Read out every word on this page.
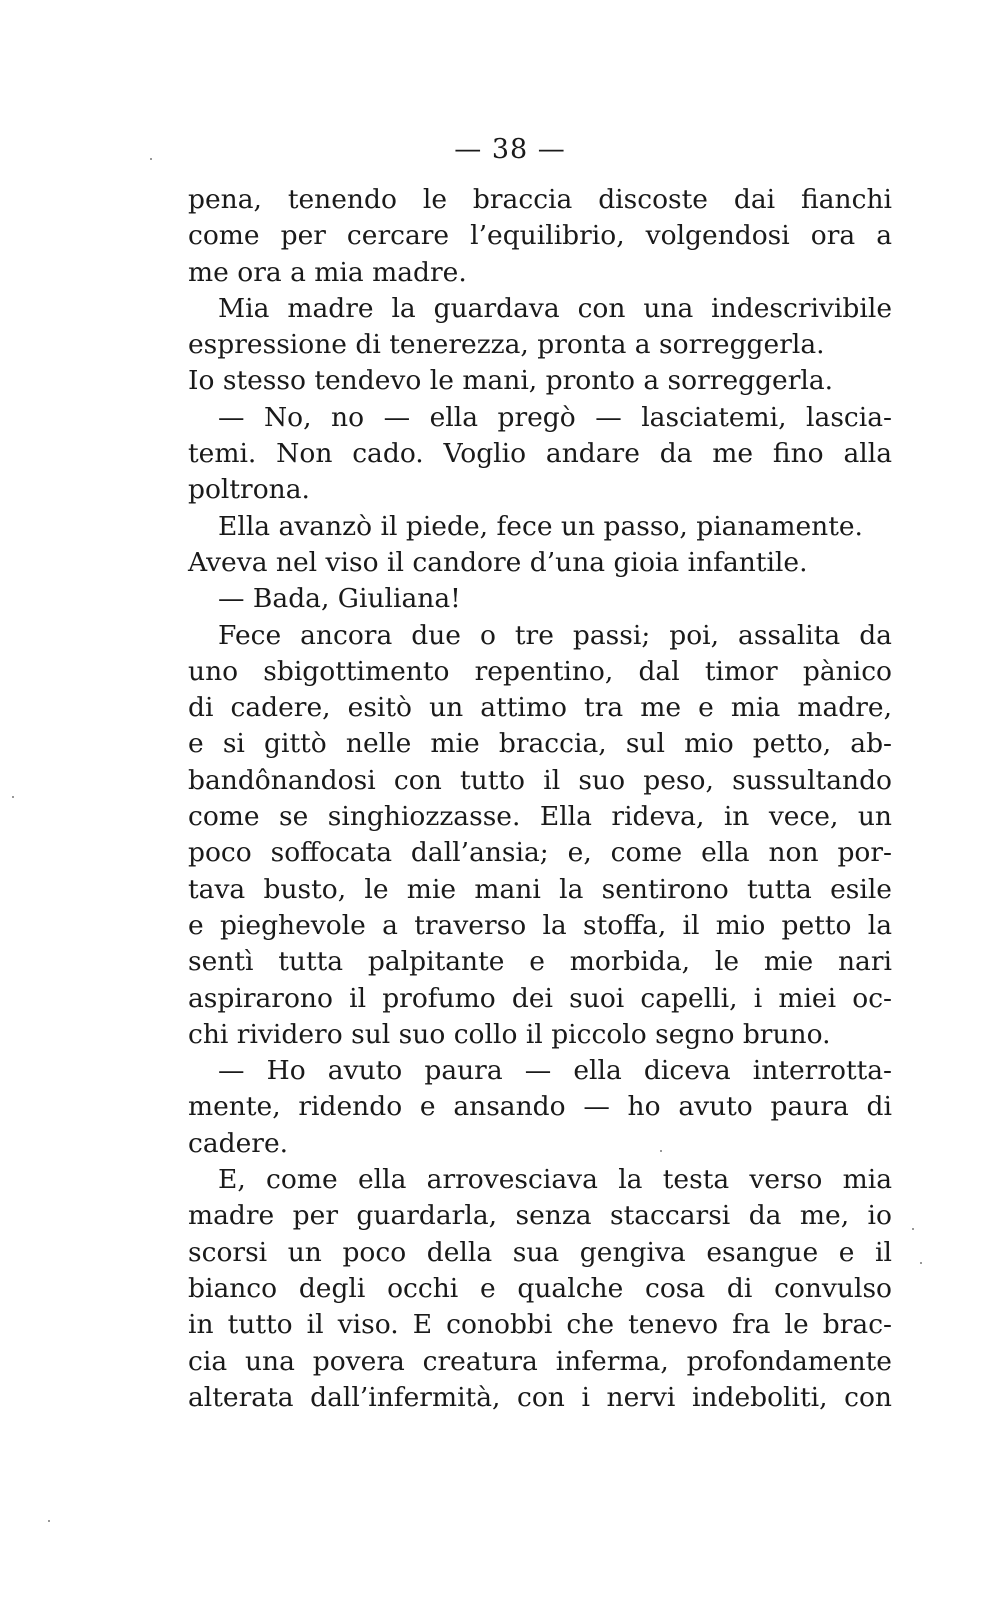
— 38 —
pena, tenendo le braccia discoste dai fianchi
come per cercare l’equilibrio, volgendosi ora a
me ora a mia madre.
Mia madre la guardava con una indescrivibile
espressione di tenerezza, pronta a sorreggerla.
Io stesso tendevo le mani, pronto a sorreggerla.
— No, no — ella pregò — lasciatemi, lascia-
temi. Non cado. Voglio andare da me fino alla
poltrona.
Ella avanzò il piede, fece un passo, pianamente.
Aveva nel viso il candore d’una gioia infantile.
— Bada, Giuliana!
Fece ancora due o tre passi; poi, assalita da
uno sbigottimento repentino, dal timor pànico
di cadere, esitò un attimo tra me e mia madre,
e si gittò nelle mie braccia, sul mio petto, ab-
bandônandosi con tutto il suo peso, sussultando
come se singhiozzasse. Ella rideva, in vece, un
poco soffocata dall’ansia; e, come ella non por-
tava busto, le mie mani la sentirono tutta esile
e pieghevole a traverso la stoffa, il mio petto la
sentì tutta palpitante e morbida, le mie nari
aspirarono il profumo dei suoi capelli, i miei oc-
chi rividero sul suo collo il piccolo segno bruno.
— Ho avuto paura — ella diceva interrotta-
mente, ridendo e ansando — ho avuto paura di
cadere.
E, come ella arrovesciava la testa verso mia
madre per guardarla, senza staccarsi da me, io
scorsi un poco della sua gengiva esangue e il
bianco degli occhi e qualche cosa di convulso
in tutto il viso. E conobbi che tenevo fra le brac-
cia una povera creatura inferma, profondamente
alterata dall’infermità, con i nervi indeboliti, con
